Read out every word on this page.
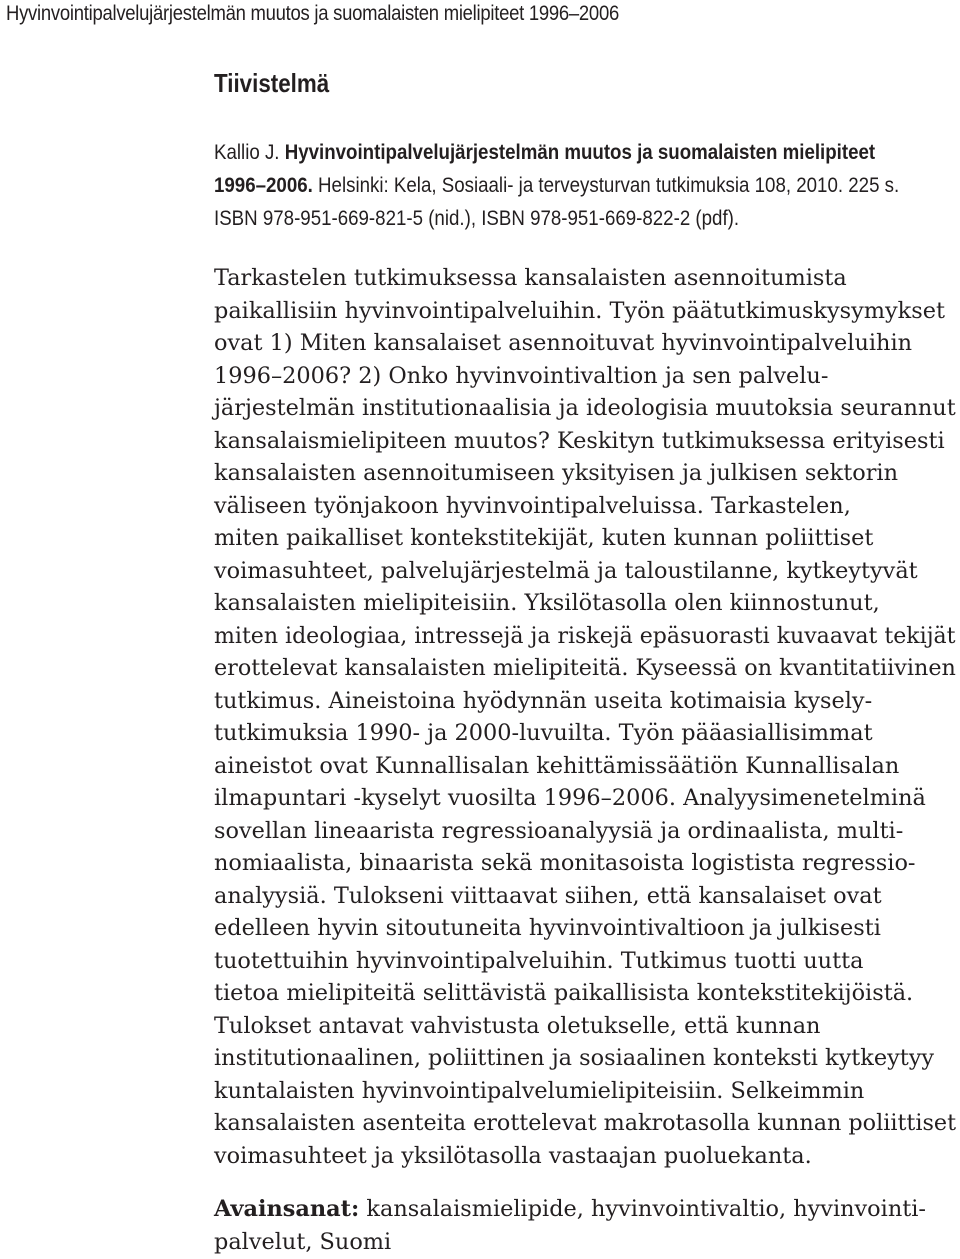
Hyvinvointipalvelujärjestelmän muutos ja suomalaisten mielipiteet 1996–2006
Tiivistelmä

Kallio J. Hyvinvointipalvelujärjestelmän muutos ja suomalaisten mielipiteet 1996–2006. Helsinki: Kela, Sosiaali- ja terveysturvan tutkimuksia 108, 2010. 225 s. ISBN 978-951-669-821-5 (nid.), ISBN 978-951-669-822-2 (pdf).

Tarkastelen tutkimuksessa kansalaisten asennoitumista
paikallisiin hyvinvointipalveluihin. Työn päätutkimuskysymykset
ovat 1) Miten kansalaiset asennoituvat hyvinvointipalveluihin
1996–2006? 2) Onko hyvinvointivaltion ja sen palvelu-
järjestelmän institutionaalisia ja ideologisia muutoksia seurannut
kansalaismielipiteen muutos? Keskityn tutkimuksessa erityisesti
kansalaisten asennoitumiseen yksityisen ja julkisen sektorin
väliseen työnjakoon hyvinvointipalveluissa. Tarkastelen,
miten paikalliset kontekstitekijät, kuten kunnan poliittiset
voimasuhteet, palvelujärjestelmä ja taloustilanne, kytkeytyvät
kansalaisten mielipiteisiin. Yksilötasolla olen kiinnostunut,
miten ideologiaa, intressejä ja riskejä epäsuorasti kuvaavat tekijät
erottelevat kansalaisten mielipiteitä. Kyseessä on kvantitatiivinen
tutkimus. Aineistoina hyödynnän useita kotimaisia kysely-
tutkimuksia 1990- ja 2000-luvuilta. Työn pääasiallisimmat
aineistot ovat Kunnallisalan kehittämissäätiön Kunnallisalan
ilmapuntari -kyselyt vuosilta 1996–2006. Analyysimenetelminä
sovellan lineaarista regressioanalyysiä ja ordinaalista, multi-
nomiaalista, binaarista sekä monitasoista logistista regressio-
analyysiä. Tulokseni viittaavat siihen, että kansalaiset ovat
edelleen hyvin sitoutuneita hyvinvointivaltioon ja julkisesti
tuotettuihin hyvinvointipalveluihin. Tutkimus tuotti uutta
tietoa mielipiteitä selittävistä paikallisista kontekstitekijöistä.
Tulokset antavat vahvistusta oletukselle, että kunnan
institutionaalinen, poliittinen ja sosiaalinen konteksti kytkeytyy
kuntalaisten hyvinvointipalvelumielipiteisiin. Selkeimmin
kansalaisten asenteita erottelevat makrotasolla kunnan poliittiset
voimasuhteet ja yksilötasolla vastaajan puoluekanta.
Avainsanat: kansalaismielipide, hyvinvointivaltio, hyvinvointi-
palvelut, Suomi
